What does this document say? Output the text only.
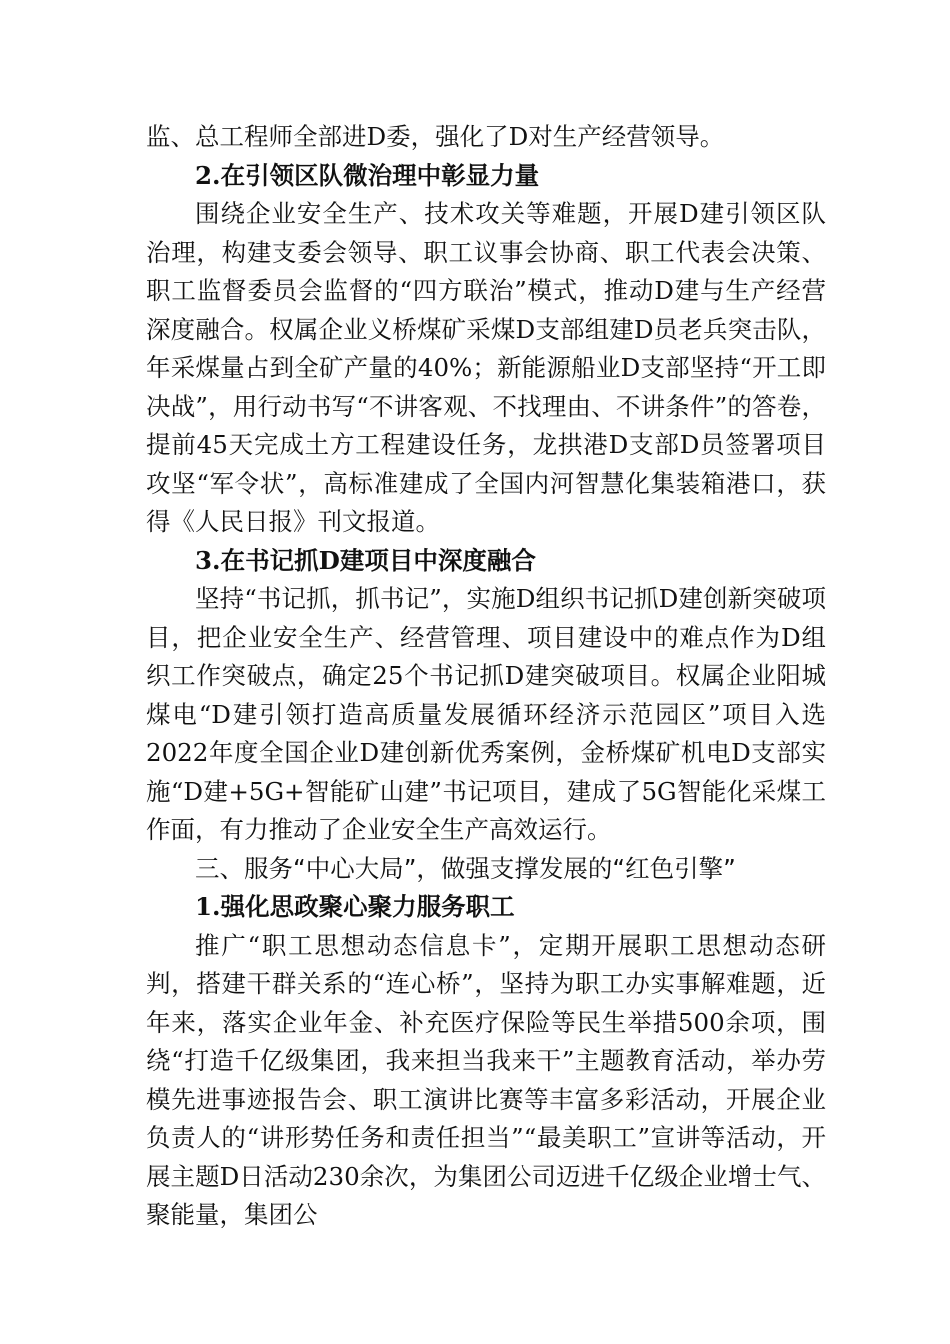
监、总工程师全部进D委，强化了D对生产经营领导。

2.在引领区队微治理中彰显力量

围绕企业安全生产、技术攻关等难题，开展D建引领区队治理，构建支委会领导、职工议事会协商、职工代表会决策、职工监督委员会监督的“四方联治”模式，推动D建与生产经营深度融合。权属企业义桥煤矿采煤D支部组建D员老兵突击队，年采煤量占到全矿产量的40%；新能源船业D支部坚持“开工即决战”，用行动书写“不讲客观、不找理由、不讲条件”的答卷，提前45天完成土方工程建设任务，龙拱港D支部D员签署项目攻坚“军令状”，高标准建成了全国内河智慧化集装箱港口，获得《人民日报》刊文报道。

3.在书记抓D建项目中深度融合

坚持“书记抓，抓书记”，实施D组织书记抓D建创新突破项目，把企业安全生产、经营管理、项目建设中的难点作为D组织工作突破点，确定25个书记抓D建突破项目。权属企业阳城煤电“D建引领打造高质量发展循环经济示范园区”项目入选2022年度全国企业D建创新优秀案例，金桥煤矿机电D支部实施“D建+5G+智能矿山建”书记项目，建成了5G智能化采煤工作面，有力推动了企业安全生产高效运行。

三、服务“中心大局”，做强支撑发展的“红色引擎”

1.强化思政聚心聚力服务职工

推广“职工思想动态信息卡”，定期开展职工思想动态研判，搭建干群关系的“连心桥”，坚持为职工办实事解难题，近年来，落实企业年金、补充医疗保险等民生举措500余项，围绕“打造千亿级集团，我来担当我来干”主题教育活动，举办劳模先进事迹报告会、职工演讲比赛等丰富多彩活动，开展企业负责人的“讲形势任务和责任担当”“最美职工”宣讲等活动，开展主题D日活动230余次，为集团公司迈进千亿级企业增士气、聚能量，集团公
